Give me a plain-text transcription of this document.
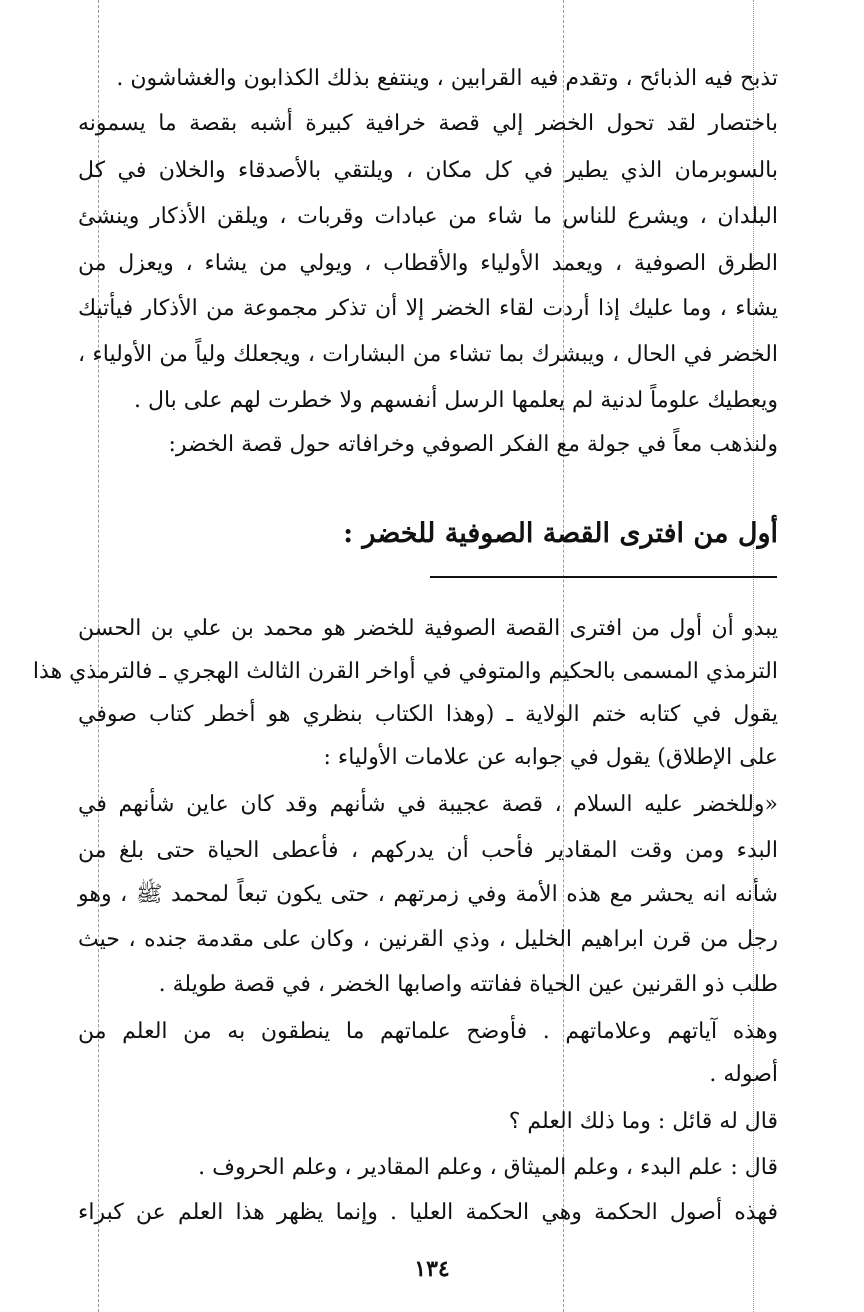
تذبح فيه الذبائح ، وتقدم فيه القرابين ، وينتفع بذلك الكذابون والغشاشون .
باختصار لقد تحول الخضر إلي قصة خرافية كبيرة أشبه بقصة ما يسمونه
بالسوبرمان الذي يطير في كل مكان ، ويلتقي بالأصدقاء والخلان في كل
البلدان ، ويشرع للناس ما شاء من عبادات وقربات ، ويلقن الأذكار وينشئ
الطرق الصوفية ، ويعمد الأولياء والأقطاب ، ويولي من يشاء ، ويعزل من
يشاء ، وما عليك إذا أردت لقاء الخضر إلا أن تذكر مجموعة من الأذكار فيأتيك
الخضر في الحال ، ويبشرك بما تشاء من البشارات ، ويجعلك ولياً من الأولياء ،
ويعطيك علوماً لدنية لم يعلمها الرسل أنفسهم ولا خطرت لهم على بال .
ولنذهب معاً في جولة مع الفكر الصوفي وخرافاته حول قصة الخضر:
أول من افترى القصة الصوفية للخضر :
يبدو أن أول من افترى القصة الصوفية للخضر هو محمد بن علي بن الحسن
الترمذي المسمى بالحكيم والمتوفي في أواخر القرن الثالث الهجري ـ فالترمذي هذا
يقول في كتابه ختم الولاية ـ (وهذا الكتاب بنظري هو أخطر كتاب صوفي
على الإطلاق) يقول في جوابه عن علامات الأولياء :
«وللخضر عليه السلام ، قصة عجيبة في شأنهم وقد كان عاين شأنهم في
البدء ومن وقت المقادير فأحب أن يدركهم ، فأعطى الحياة حتى بلغ من
شأنه انه يحشر مع هذه الأمة وفي زمرتهم ، حتى يكون تبعاً لمحمد ﷺ ، وهو
رجل من قرن ابراهيم الخليل ، وذي القرنين ، وكان على مقدمة جنده ، حيث
طلب ذو القرنين عين الحياة ففاتته واصابها الخضر ، في قصة طويلة .
وهذه آياتهم وعلاماتهم . فأوضح علماتهم ما ينطقون به من العلم من
أصوله .
قال له قائل : وما ذلك العلم ؟
قال : علم البدء ، وعلم الميثاق ، وعلم المقادير ، وعلم الحروف .
فهذه أصول الحكمة وهي الحكمة العليا . وإنما يظهر هذا العلم عن كبراء
١٣٤
